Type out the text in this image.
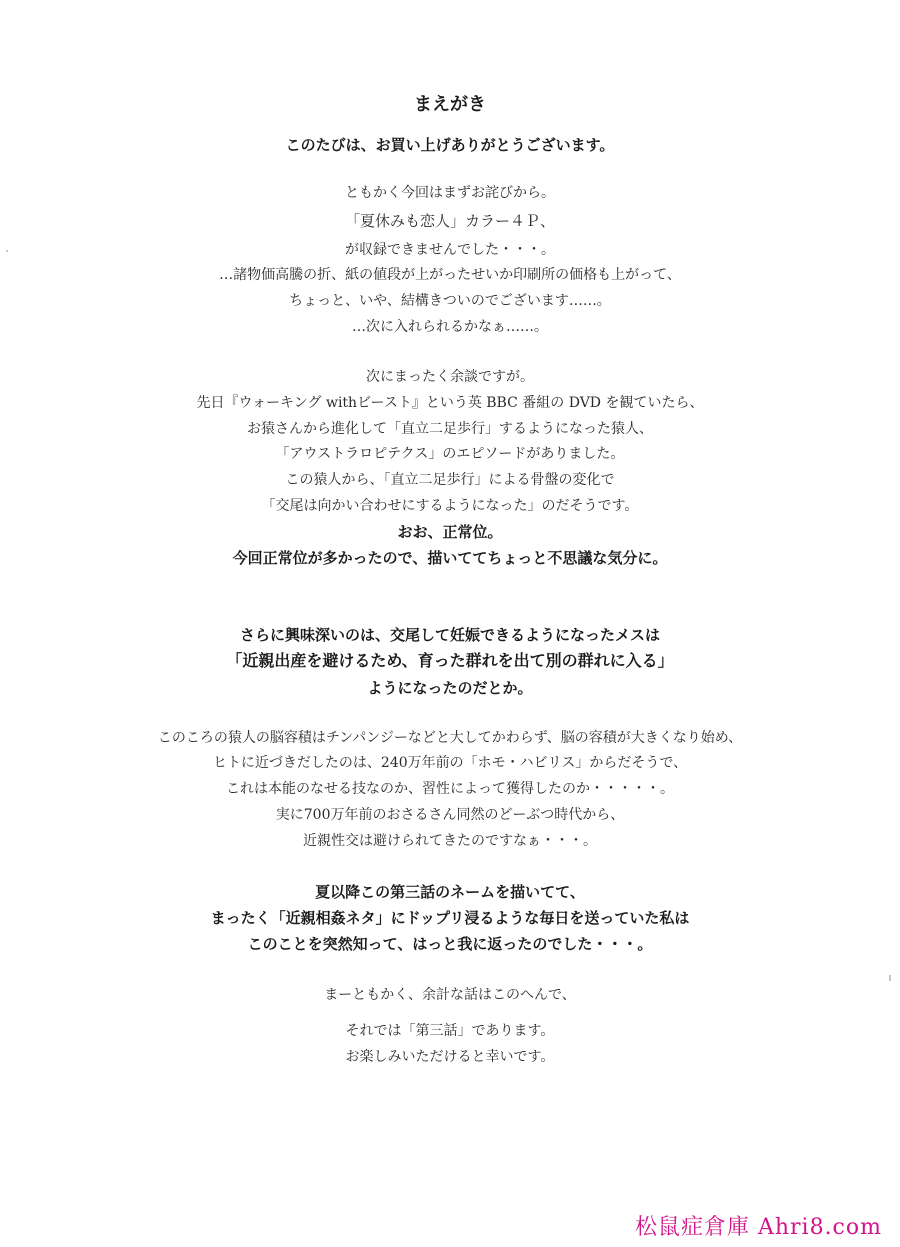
まえがき
このたびは、お買い上げありがとうございます。
ともかく今回はまずお詫びから。
「夏休みも恋人」カラー４Ｐ、
が収録できませんでした・・・。
…諸物価高騰の折、紙の値段が上がったせいか印刷所の価格も上がって、
ちょっと、いや、結構きついのでございます……。
…次に入れられるかなぁ……。
次にまったく余談ですが。
先日『ウォーキング withビースト』という英 BBC 番組の DVD を観ていたら、
お猿さんから進化して「直立二足歩行」するようになった猿人、
「アウストラロピテクス」のエピソードがありました。
この猿人から、「直立二足歩行」による骨盤の変化で
「交尾は向かい合わせにするようになった」のだそうです。
おお、正常位。
今回正常位が多かったので、描いててちょっと不思議な気分に。
さらに興味深いのは、交尾して妊娠できるようになったメスは
「近親出産を避けるため、育った群れを出て別の群れに入る」
ようになったのだとか。
このころの猿人の脳容積はチンパンジーなどと大してかわらず、脳の容積が大きくなり始め、
ヒトに近づきだしたのは、240万年前の「ホモ・ハビリス」からだそうで、
これは本能のなせる技なのか、習性によって獲得したのか・・・・・。
実に700万年前のおさるさん同然のどーぶつ時代から、
近親性交は避けられてきたのですなぁ・・・。
夏以降この第三話のネームを描いてて、
まったく「近親相姦ネタ」にドップリ浸るような毎日を送っていた私は
このことを突然知って、はっと我に返ったのでした・・・。
まーともかく、余計な話はこのへんで、
それでは「第三話」であります。
お楽しみいただけると幸いです。
松鼠症倉庫 Ahri8.com
